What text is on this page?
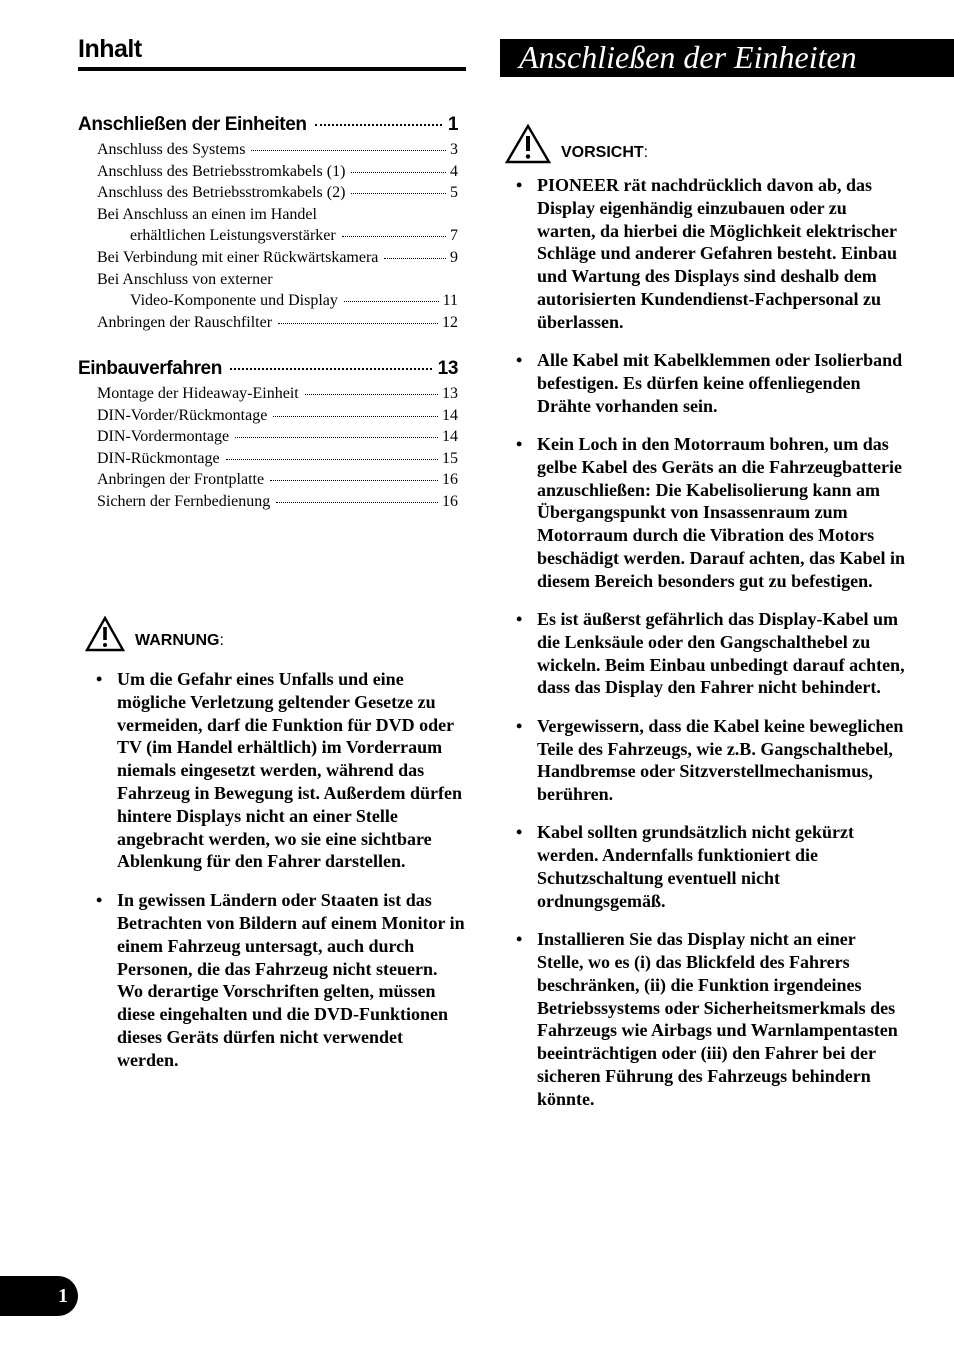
Inhalt
Anschließen der Einheiten	1
Anschluss des Systems	3
Anschluss des Betriebsstromkabels (1)	4
Anschluss des Betriebsstromkabels (2)	5
Bei Anschluss an einen im Handel
erhältlichen Leistungsverstärker	7
Bei Verbindung mit einer Rückwärtskamera	9
Bei Anschluss von externer
Video-Komponente und Display	11
Anbringen der Rauschfilter	12
Einbauverfahren	13
Montage der Hideaway-Einheit	13
DIN-Vorder/Rückmontage	14
DIN-Vordermontage	14
DIN-Rückmontage	15
Anbringen der Frontplatte	16
Sichern der Fernbedienung	16
WARNUNG:
• Um die Gefahr eines Unfalls und eine mögliche Verletzung geltender Gesetze zu vermeiden, darf die Funktion für DVD oder TV (im Handel erhältlich) im Vorderraum niemals eingesetzt werden, während das Fahrzeug in Bewegung ist. Außerdem dürfen hintere Displays nicht an einer Stelle angebracht werden, wo sie eine sichtbare Ablenkung für den Fahrer darstellen.
• In gewissen Ländern oder Staaten ist das Betrachten von Bildern auf einem Monitor in einem Fahrzeug untersagt, auch durch Personen, die das Fahrzeug nicht steuern. Wo derartige Vorschriften gelten, müssen diese eingehalten und die DVD-Funktionen dieses Geräts dürfen nicht verwendet werden.
Anschließen der Einheiten
VORSICHT:
• PIONEER rät nachdrücklich davon ab, das Display eigenhändig einzubauen oder zu warten, da hierbei die Möglichkeit elektrischer Schläge und anderer Gefahren besteht. Einbau und Wartung des Displays sind deshalb dem autorisierten Kundendienst-Fachpersonal zu überlassen.
• Alle Kabel mit Kabelklemmen oder Isolierband befestigen. Es dürfen keine offenliegenden Drähte vorhanden sein.
• Kein Loch in den Motorraum bohren, um das gelbe Kabel des Geräts an die Fahrzeugbatterie anzuschließen: Die Kabelisolierung kann am Übergangspunkt von Insassenraum zum Motorraum durch die Vibration des Motors beschädigt werden. Darauf achten, das Kabel in diesem Bereich besonders gut zu befestigen.
• Es ist äußerst gefährlich das Display-Kabel um die Lenksäule oder den Gangschalthebel zu wickeln. Beim Einbau unbedingt darauf achten, dass das Display den Fahrer nicht behindert.
• Vergewissern, dass die Kabel keine beweglichen Teile des Fahrzeugs, wie z.B. Gangschalthebel, Handbremse oder Sitzverstellmechanismus, berühren.
• Kabel sollten grundsätzlich nicht gekürzt werden. Andernfalls funktioniert die Schutzschaltung eventuell nicht ordnungsgemäß.
• Installieren Sie das Display nicht an einer Stelle, wo es (i) das Blickfeld des Fahrers beschränken, (ii) die Funktion irgendeines Betriebssystems oder Sicherheitsmerkmals des Fahrzeugs wie Airbags und Warnlampentasten beeinträchtigen oder (iii) den Fahrer bei der sicheren Führung des Fahrzeugs behindern könnte.
1
